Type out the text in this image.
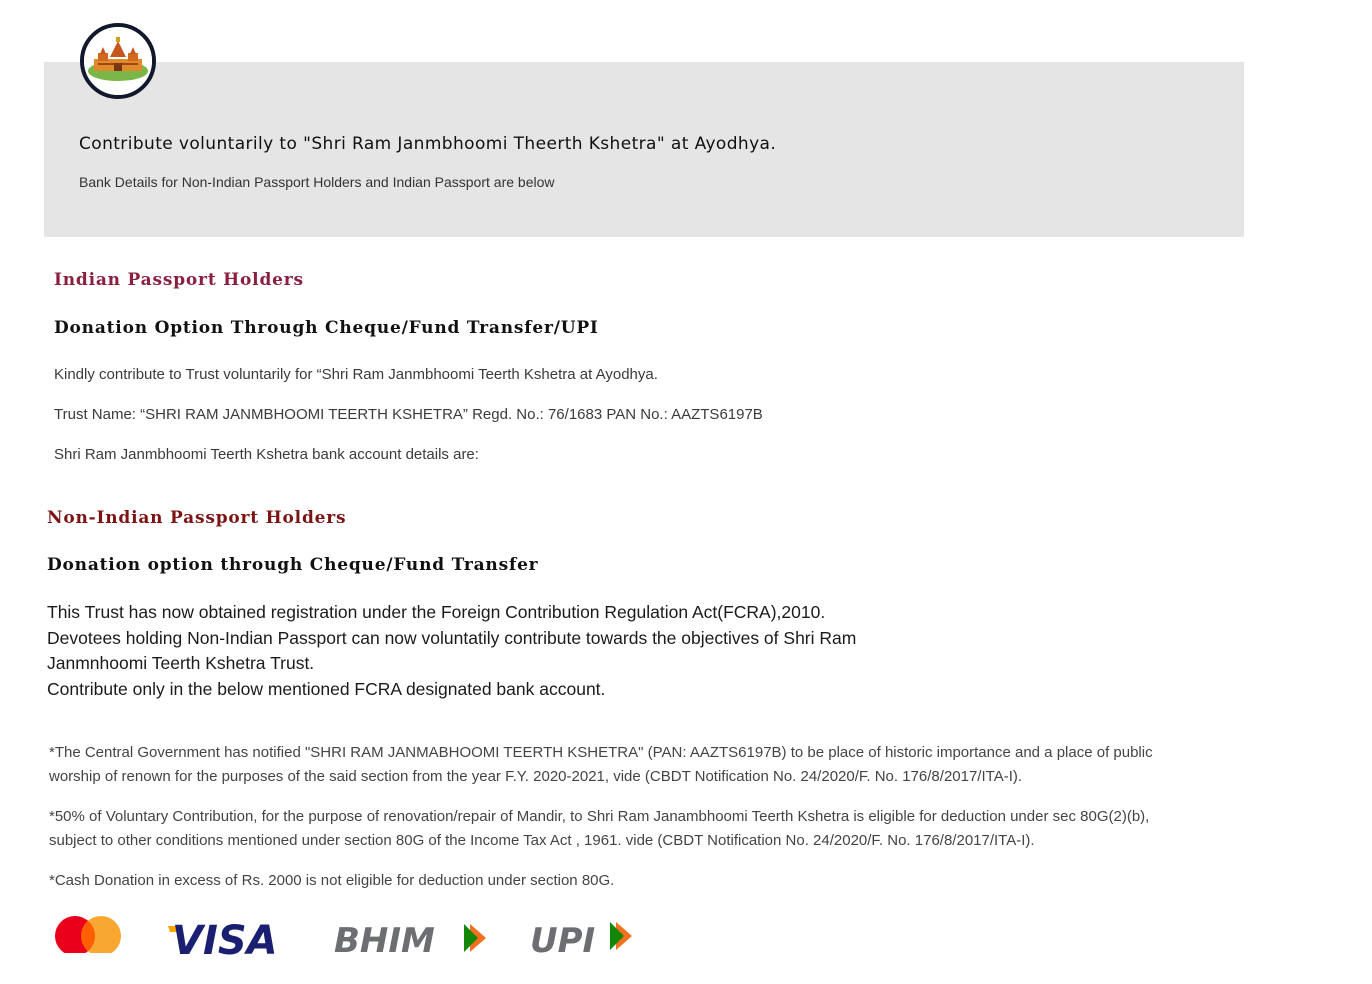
Contribute voluntarily to "Shri Ram Janmbhoomi Theerth Kshetra" at Ayodhya.
Bank Details for Non-Indian Passport Holders and Indian Passport are below
Indian Passport Holders
Donation Option Through Cheque/Fund Transfer/UPI
Kindly contribute to Trust voluntarily for “Shri Ram Janmbhoomi Teerth Kshetra at Ayodhya.
Trust Name: “SHRI RAM JANMBHOOMI TEERTH KSHETRA” Regd. No.: 76/1683 PAN No.: AAZTS6197B
Shri Ram Janmbhoomi Teerth Kshetra bank account details are:
Non-Indian Passport Holders
Donation option through Cheque/Fund Transfer
This Trust has now obtained registration under the Foreign Contribution Regulation Act(FCRA),2010.
Devotees holding Non-Indian Passport can now voluntatily contribute towards the objectives of Shri Ram
Janmnhoomi Teerth Kshetra Trust.
Contribute only in the below mentioned FCRA designated bank account.
*The Central Government has notified "SHRI RAM JANMABHOOMI TEERTH KSHETRA" (PAN: AAZTS6197B) to be place of historic importance and a place of public
worship of renown for the purposes of the said section from the year F.Y. 2020-2021, vide (CBDT Notification No. 24/2020/F. No. 176/8/2017/ITA-I).
*50% of Voluntary Contribution, for the purpose of renovation/repair of Mandir, to Shri Ram Janambhoomi Teerth Kshetra is eligible for deduction under sec 80G(2)(b),
subject to other conditions mentioned under section 80G of the Income Tax Act , 1961. vide (CBDT Notification No. 24/2020/F. No. 176/8/2017/ITA-I).
*Cash Donation in excess of Rs. 2000 is not eligible for deduction under section 80G.
VISA BHIM	UPI
